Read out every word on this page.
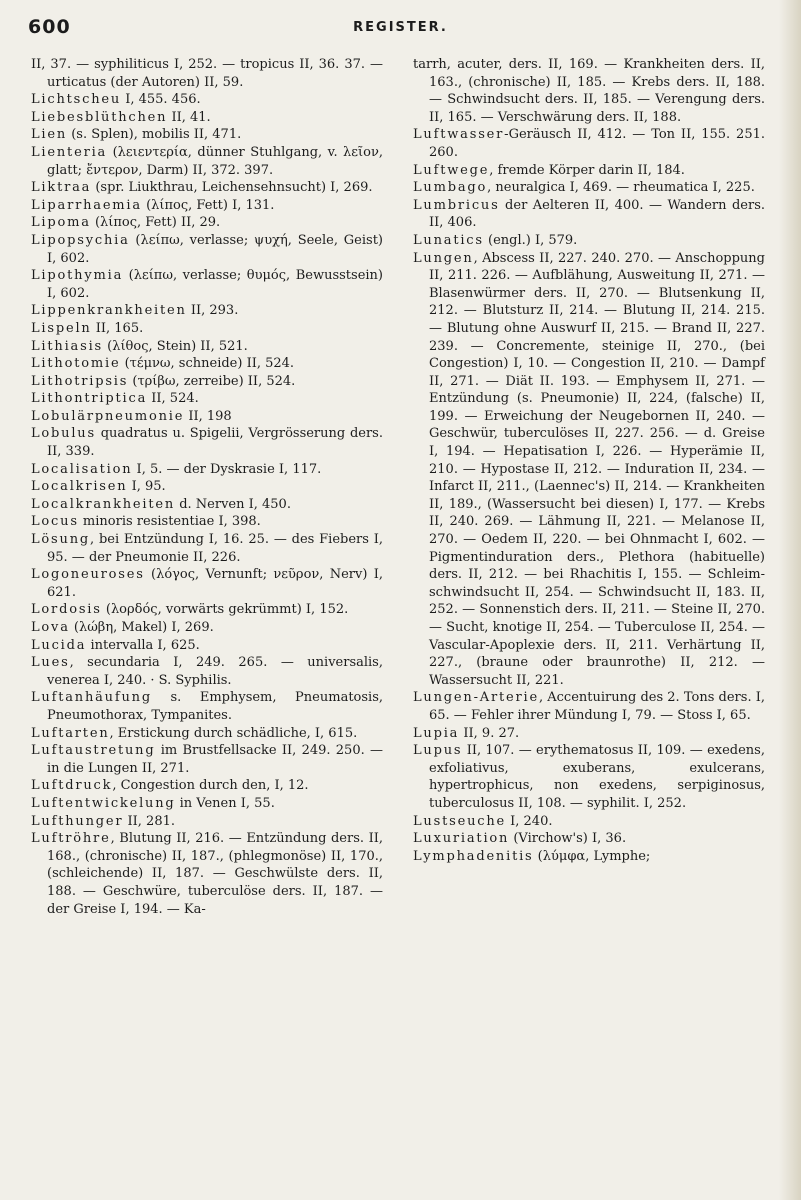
600	REGISTER.

II, 37. — syphiliticus I, 252. — tropicus II, 36. 37. — urticatus (der Autoren) II, 59.

Lichtscheu I, 455. 456.

Liebesblüthchen II, 41.

Lien (s. Splen), mobilis II, 471.

Lienteria (λειεντερία, dünner Stuhlgang, v. λεῖον, glatt; ἔντερον, Darm) II, 372. 397.

Liktraa (spr. Liukthrau, Leichensehnsucht) I, 269.

Liparrhaemia (λίπος, Fett) I, 131.

Lipoma (λίπος, Fett) II, 29.

Lipopsychia (λείπω, verlasse; ψυχή, Seele, Geist) I, 602.

Lipothymia (λείπω, verlasse; θυμός, Bewusstsein) I, 602.

Lippenkrankheiten II, 293.

Lispeln II, 165.

Lithiasis (λίθος, Stein) II, 521.

Lithotomie (τέμνω, schneide) II, 524.

Lithotripsis (τρίβω, zerreibe) II, 524.

Lithontriptica II, 524.

Lobulärpneumonie II, 198

Lobulus quadratus u. Spigelii, Vergrösserung ders. II, 339.

Localisation I, 5. — der Dyskrasie I, 117.

Localkrisen I, 95.

Localkrankheiten d. Nerven I, 450.

Locus minoris resistentiae I, 398.

Lösung, bei Entzündung I, 16. 25. — des Fiebers I, 95. — der Pneumonie II, 226.

Logoneuroses (λόγος, Vernunft; νεῦρον, Nerv) I, 621.

Lordosis (λορδός, vorwärts gekrümmt) I, 152.

Lova (λώβη, Makel) I, 269.

Lucida intervalla I, 625.

Lues, secundaria I, 249. 265. — universalis, venerea I, 240. · S. Syphilis.

Luftanhäufung s. Emphysem, Pneumatosis, Pneumothorax, Tympanites.

Luftarten, Erstickung durch schädliche, I, 615.

Luftaustretung im Brustfellsacke II, 249. 250. — in die Lungen II, 271.

Luftdruck, Congestion durch den, I, 12.

Luftentwickelung in Venen I, 55.

Lufthunger II, 281.

Luftröhre, Blutung II, 216. — Entzündung ders. II, 168., (chronische) II, 187., (phlegmonöse) II, 170., (schleichende) II, 187. — Geschwülste ders. II, 188. — Geschwüre, tuberculöse ders. II, 187. — der Greise I, 194. — Ka-

tarrh, acuter, ders. II, 169. — Krankheiten ders. II, 163., (chronische) II, 185. — Krebs ders. II, 188. — Schwindsucht ders. II, 185. — Verengung ders. II, 165. — Verschwärung ders. II, 188.

Luftwasser-Geräusch II, 412. — Ton II, 155. 251. 260.

Luftwege, fremde Körper darin II, 184.

Lumbago, neuralgica I, 469. — rheumatica I, 225.

Lumbricus der Aelteren II, 400. — Wandern ders. II, 406.

Lunatics (engl.) I, 579.

Lungen, Abscess II, 227. 240. 270. — Anschoppung II, 211. 226. — Aufblähung, Ausweitung II, 271. — Blasenwürmer ders. II, 270. — Blutsenkung II, 212. — Blutsturz II, 214. — Blutung II, 214. 215. — Blutung ohne Auswurf II, 215. — Brand II, 227. 239. — Concremente, steinige II, 270., (bei Congestion) I, 10. — Congestion II, 210. — Dampf II, 271. — Diät II. 193. — Emphysem II, 271. — Entzündung (s. Pneumonie) II, 224, (falsche) II, 199. — Erweichung der Neugebornen II, 240. — Geschwür, tuberculöses II, 227. 256. — d. Greise I, 194. — Hepatisation I, 226. — Hyperämie II, 210. — Hypostase II, 212. — Induration II, 234. — Infarct II, 211., (Laennec's) II, 214. — Krankheiten II, 189., (Wassersucht bei diesen) I, 177. — Krebs II, 240. 269. — Lähmung II, 221. — Melanose II, 270. — Oedem II, 220. — bei Ohnmacht I, 602. — Pigmentinduration ders., Plethora (habituelle) ders. II, 212. — bei Rhachitis I, 155. — Schleimschwindsucht II, 254. — Schwindsucht II, 183. II, 252. — Sonnenstich ders. II, 211. — Steine II, 270. — Sucht, knotige II, 254. — Tuberculose II, 254. — Vascular-Apoplexie ders. II, 211. Verhärtung II, 227., (braune oder braunrothe) II, 212. — Wassersucht II, 221.

Lungen-Arterie, Accentuirung des 2. Tons ders. I, 65. — Fehler ihrer Mündung I, 79. — Stoss I, 65.

Lupia II, 9. 27.

Lupus II, 107. — erythematosus II, 109. — exedens, exfoliativus, exuberans, exulcerans, hypertrophicus, non exedens, serpiginosus, tuberculosus II, 108. — syphilit. I, 252.

Lustseuche I, 240.

Luxuriation (Virchow's) I, 36.

Lymphadenitis (λύμφα, Lymphe;
